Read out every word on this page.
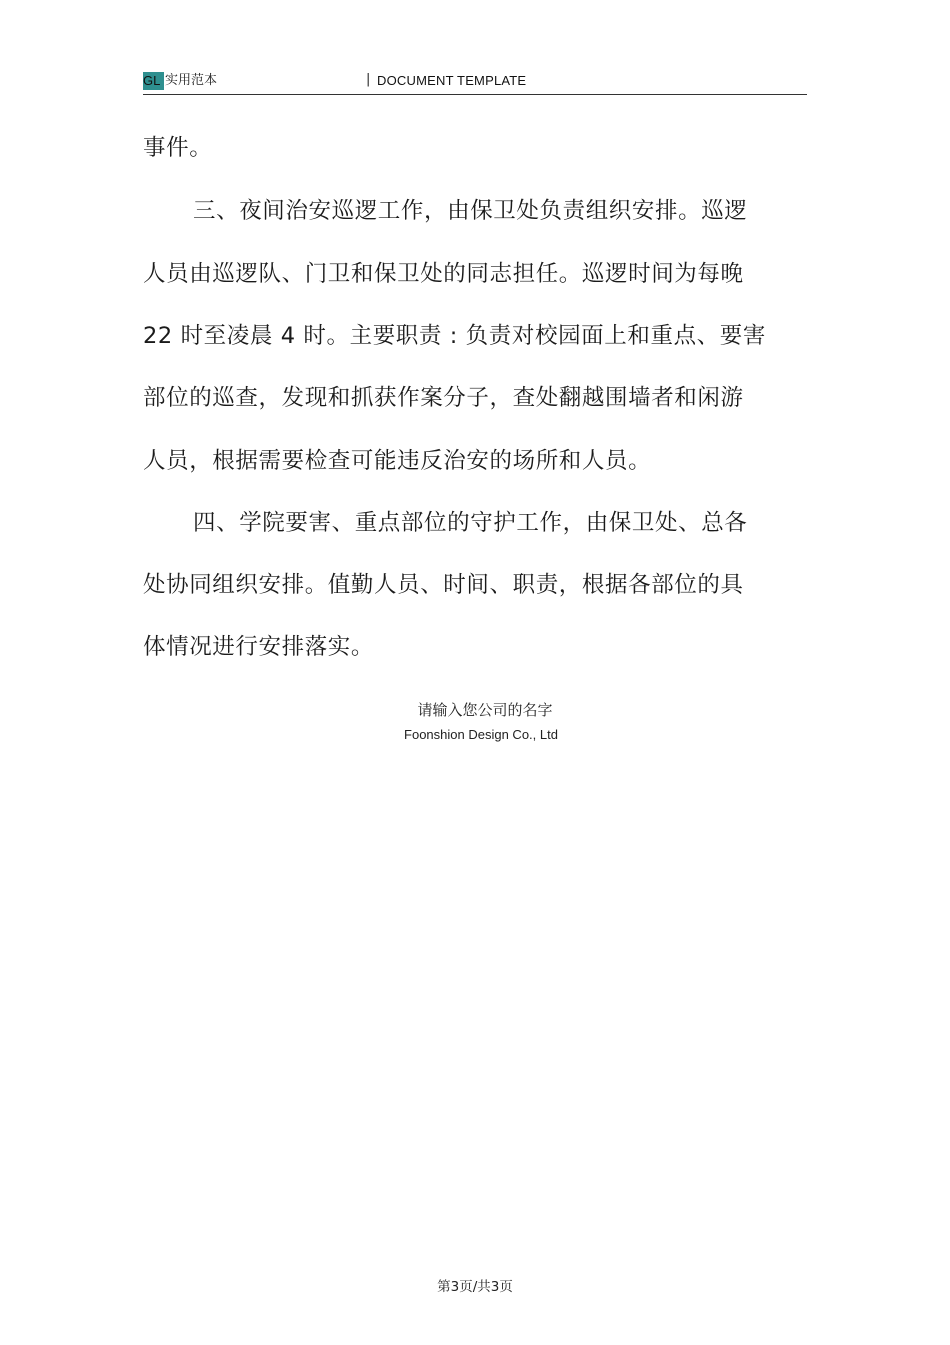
GL 实用范本	| DOCUMENT TEMPLATE
事件。
三、夜间治安巡逻工作，由保卫处负责组织安排。巡逻
人员由巡逻队、门卫和保卫处的同志担任。巡逻时间为每晚
22 时至凌晨 4 时。主要职责 : 负责对校园面上和重点、要害
部位的巡查，发现和抓获作案分子，查处翻越围墙者和闲游
人员，根据需要检查可能违反治安的场所和人员。
四、学院要害、重点部位的守护工作，由保卫处、总各
处协同组织安排。值勤人员、时间、职责，根据各部位的具
体情况进行安排落实。
请输入您公司的名字
Foonshion Design Co., Ltd
第3页/共3页
